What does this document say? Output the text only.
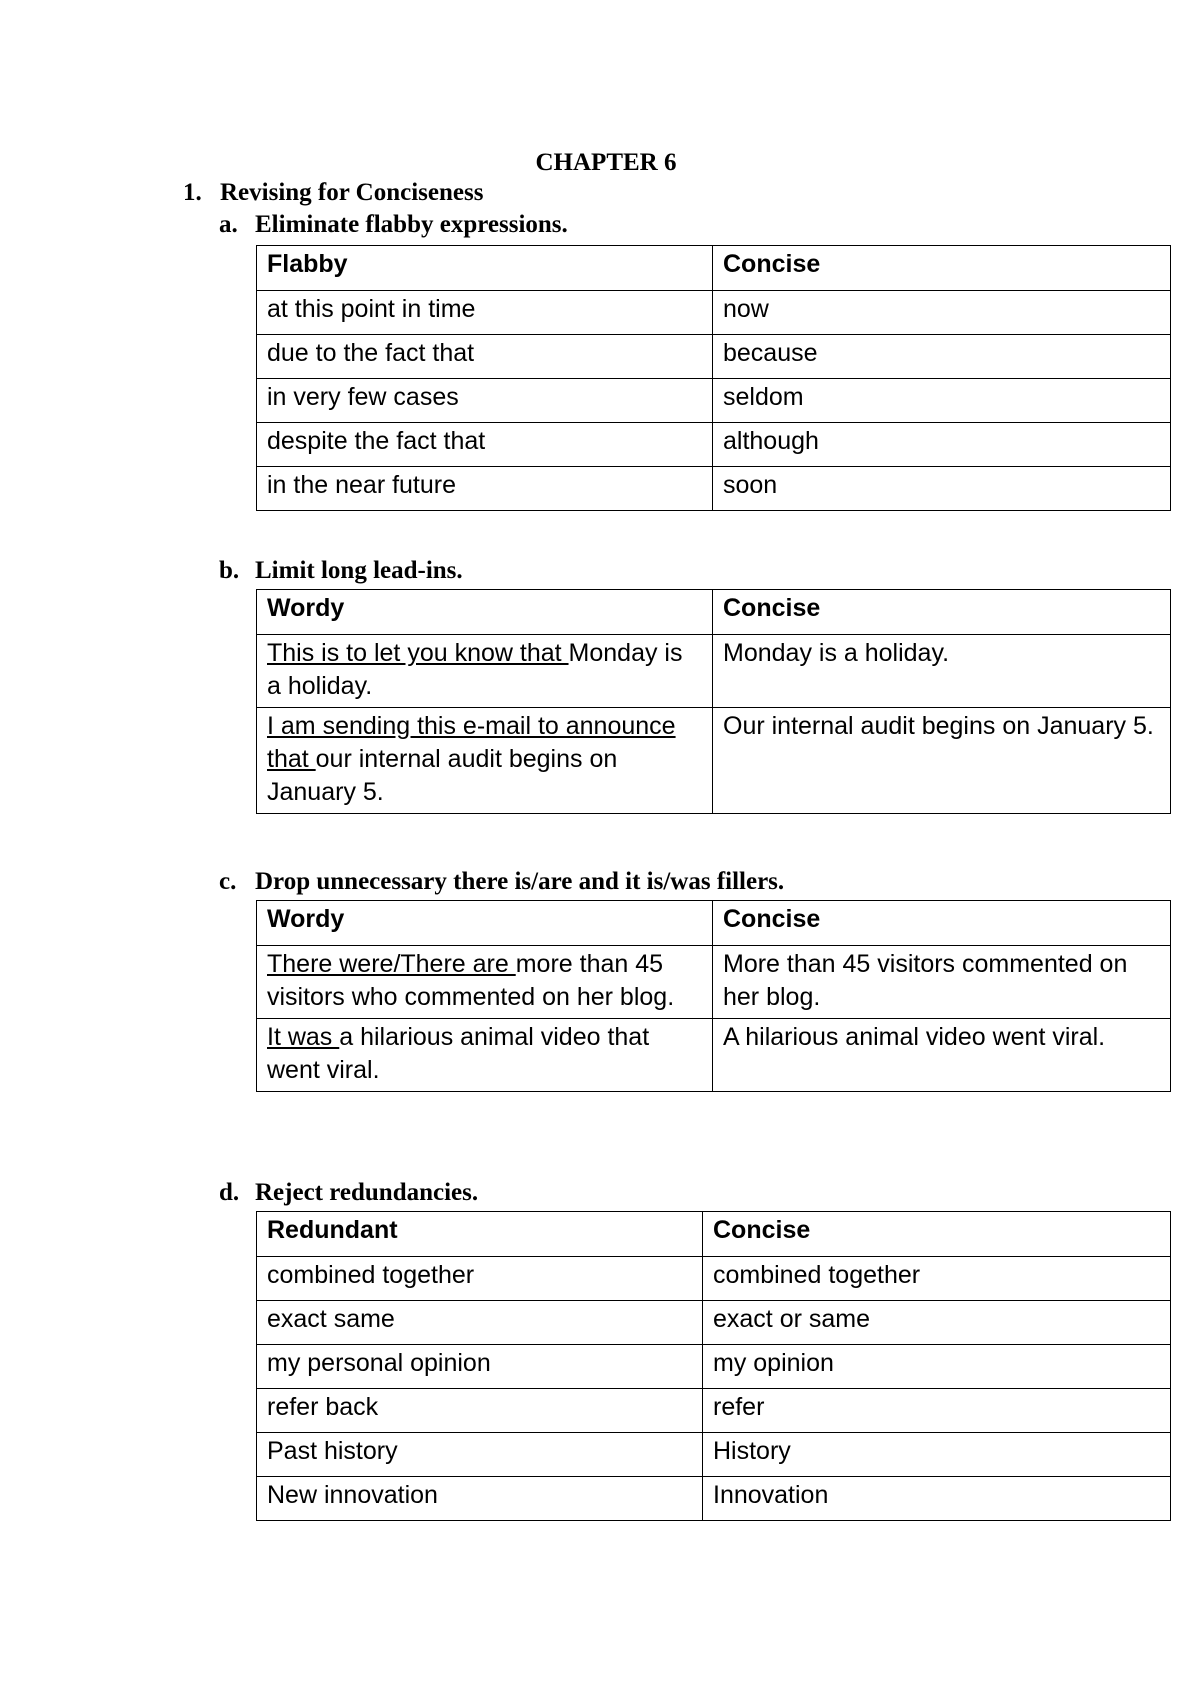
CHAPTER 6
1. Revising for Conciseness
a. Eliminate flabby expressions.
Flabby	Concise
at this point in time	now
due to the fact that	because
in very few cases	seldom
despite the fact that	although
in the near future	soon
b. Limit long lead-ins.
Wordy	Concise
This is to let you know that Monday is a holiday.	Monday is a holiday.
I am sending this e-mail to announce that our internal audit begins on January 5.	Our internal audit begins on January 5.
c. Drop unnecessary there is/are and it is/was fillers.
Wordy	Concise
There were/There are more than 45 visitors who commented on her blog.	More than 45 visitors commented on her blog.
It was a hilarious animal video that went viral.	A hilarious animal video went viral.
d. Reject redundancies.
Redundant	Concise
combined together	combined together
exact same	exact or same
my personal opinion	my opinion
refer back	refer
Past history	History
New innovation	Innovation
